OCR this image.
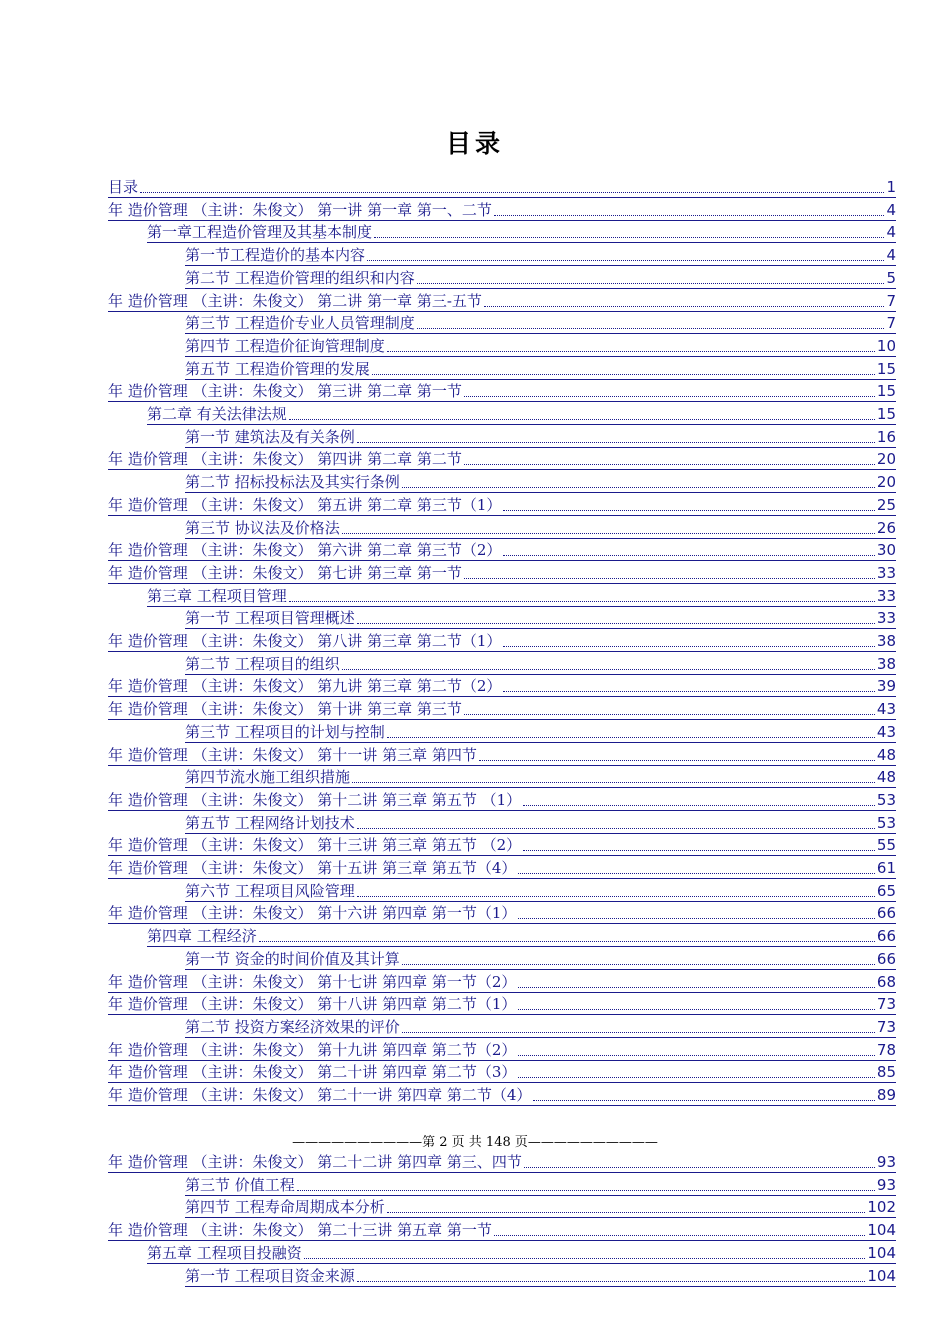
目录
目录	1
年 造价管理 （主讲：朱俊文） 第一讲 第一章 第一、二节	4
第一章工程造价管理及其基本制度	4
第一节工程造价的基本内容	4
第二节 工程造价管理的组织和内容	5
年 造价管理 （主讲：朱俊文） 第二讲 第一章 第三-五节	7
第三节 工程造价专业人员管理制度	7
第四节 工程造价征询管理制度	10
第五节 工程造价管理的发展	15
年 造价管理 （主讲：朱俊文） 第三讲 第二章 第一节	15
第二章 有关法律法规	15
第一节 建筑法及有关条例	16
年 造价管理 （主讲：朱俊文） 第四讲 第二章 第二节	20
第二节 招标投标法及其实行条例	20
年 造价管理 （主讲：朱俊文） 第五讲 第二章 第三节（1）	25
第三节 协议法及价格法	26
年 造价管理 （主讲：朱俊文） 第六讲 第二章 第三节（2）	30
年 造价管理 （主讲：朱俊文） 第七讲 第三章 第一节	33
第三章 工程项目管理	33
第一节 工程项目管理概述	33
年 造价管理 （主讲：朱俊文） 第八讲 第三章 第二节（1）	38
第二节 工程项目的组织	38
年 造价管理 （主讲：朱俊文） 第九讲 第三章 第二节（2）	39
年 造价管理 （主讲：朱俊文） 第十讲 第三章 第三节	43
第三节 工程项目的计划与控制	43
年 造价管理 （主讲：朱俊文） 第十一讲 第三章 第四节	48
第四节流水施工组织措施	48
年 造价管理 （主讲：朱俊文） 第十二讲 第三章 第五节 （1）	53
第五节 工程网络计划技术	53
年 造价管理 （主讲：朱俊文） 第十三讲 第三章 第五节 （2）	55
年 造价管理 （主讲：朱俊文） 第十五讲 第三章 第五节（4）	61
第六节 工程项目风险管理	65
年 造价管理 （主讲：朱俊文） 第十六讲 第四章 第一节（1）	66
第四章 工程经济	66
第一节 资金的时间价值及其计算	66
年 造价管理 （主讲：朱俊文） 第十七讲 第四章 第一节（2）	68
年 造价管理 （主讲：朱俊文） 第十八讲 第四章 第二节（1）	73
第二节 投资方案经济效果的评价	73
年 造价管理 （主讲：朱俊文） 第十九讲 第四章 第二节（2）	78
年 造价管理 （主讲：朱俊文） 第二十讲 第四章 第二节（3）	85
年 造价管理 （主讲：朱俊文） 第二十一讲 第四章 第二节（4）	89
年 造价管理 （主讲：朱俊文） 第二十二讲 第四章 第三、四节	93
第三节 价值工程	93
第四节 工程寿命周期成本分析	102
年 造价管理 （主讲：朱俊文） 第二十三讲 第五章 第一节	104
第五章 工程项目投融资	104
第一节 工程项目资金来源	104
——————————第 2 页 共 148 页——————————
